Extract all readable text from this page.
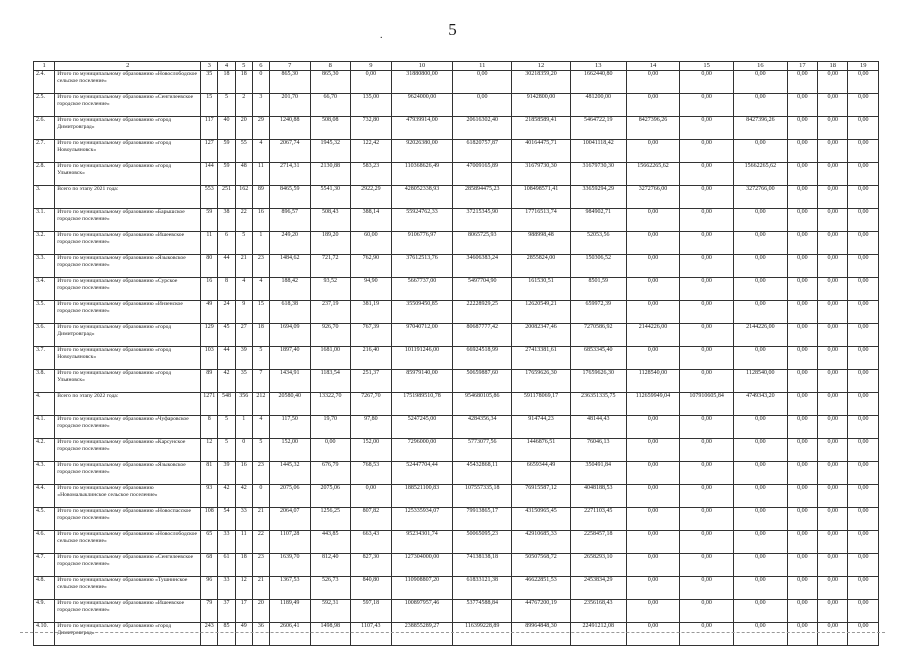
5
.
1	2	3	4	5	6	7	8	9	10	11	12	13	14	15	16	17	18	19
2.4.	Итого по муниципальному образованию «Новослободское сельское поселение»	35	18	18	0	865,30	865,30	0,00	31880800,00	0,00	30218359,20	1662440,80	0,00	0,00	0,00	0,00	0,00	0,00
2.5.	Итого по муниципальному образованию «Сенгилеевское городское поселение»	15	5	2	3	201,70	66,70	135,00	9624000,00	0,00	9142800,00	481200,00	0,00	0,00	0,00	0,00	0,00	0,00
2.6.	Итого по муниципальному образованию «город Димитровград»	117	40	20	29	1240,88	508,08	732,80	47939914,00	20616302,40	21858589,41	5464722,19	8427396,26	0,00	8427396,26	0,00	0,00	0,00
2.7.	Итого по муниципальному образованию «город Новоульяновск»	127	59	55	4	2067,74	1945,32	122,42	92026380,00	61820757,87	40164475,71	10041118,42	0,00	0,00	0,00	0,00	0,00	0,00
2.8.	Итого по муниципальному образованию «город Ульяновск»	144	59	48	11	2714,31	2130,88	583,23	110368626,49	47009165,89	31679730,30	31679730,30	15662265,62	0,00	15662265,62	0,00	0,00	0,00
3.	Всего по этапу 2021 года:	553	251	162	89	8465,59	5541,30	2922,29	428052338,93	285894475,23	108498571,41	33659294,29	3272766,00	0,00	3272766,00	0,00	0,00	0,00
3.1.	Итого по муниципальному образованию «Барышское городское поселение»	59	38	22	16	896,57	508,43	388,14	55924762,33	37215345,90	17716513,74	984902,71	0,00	0,00	0,00	0,00	0,00	0,00
3.2.	Итого по муниципальному образованию «Ишеевское городское поселение»	11	6	5	1	249,20	189,20	60,00	9106776,97	8065725,93	988998,48	52053,56	0,00	0,00	0,00	0,00	0,00	0,00
3.3.	Итого по муниципальному образованию «Языковское городское поселение»	80	44	21	23	1484,62	721,72	762,90	37612513,76	34606383,24	2855824,00	150306,52	0,00	0,00	0,00	0,00	0,00	0,00
3.4.	Итого по муниципальному образованию «Сурское городское поселение»	16	8	4	4	188,42	93,52	94,90	5667737,00	5497704,90	161530,51	8501,59	0,00	0,00	0,00	0,00	0,00	0,00
3.5.	Итого по муниципальному образованию «Инзенское городское поселение»	49	24	9	15	618,38	237,19	381,19	35509450,85	22228929,25	12620549,21	659972,39	0,00	0,00	0,00	0,00	0,00	0,00
3.6.	Итого по муниципальному образованию «город Димитровград»	129	45	27	18	1694,09	926,70	767,39	97040712,00	80687777,42	20082347,46	7270586,92	2144226,00	0,00	2144226,00	0,00	0,00	0,00
3.7.	Итого по муниципальному образованию «город Новоульяновск»	103	44	39	5	1897,40	1681,00	216,40	101191246,00	66924518,99	27413381,61	6853345,40	0,00	0,00	0,00	0,00	0,00	0,00
3.8.	Итого по муниципальному образованию «город Ульяновск»	89	42	35	7	1434,91	1183,54	251,37	85979140,00	50659887,60	17659626,30	17659626,30	1128540,00	0,00	1128540,00	0,00	0,00	0,00
4.	Всего по этапу 2022 года:	1271	548	356	212	20580,40	13322,70	7267,70	1751989510,78	954680105,86	591178069,17	236351335,75	112659949,04	107910605,84	4749343,20	0,00	0,00	0,00
4.1.	Итого по муниципальному образованию «Чуфаровское городское поселение»	8	5	1	4	117,50	19,70	97,80	5247245,00	4284356,34	914744,23	48144,43	0,00	0,00	0,00	0,00	0,00	0,00
4.2.	Итого по муниципальному образованию «Карсунское городское поселение»	12	5	0	5	152,00	0,00	152,00	7296000,00	5773077,56	1446876,51	76046,13	0,00	0,00	0,00	0,00	0,00	0,00
4.3.	Итого по муниципальному образованию «Языковское городское поселение»	81	39	16	23	1445,32	676,79	768,53	52447704,44	45432868,11	6659344,49	350491,84	0,00	0,00	0,00	0,00	0,00	0,00
4.4.	Итого по муниципальному образованию «Новомалыклинское сельское поселение»	93	42	42	0	2075,06	2075,06	0,00	188521100,83	107557335,18	76915587,12	4048188,53	0,00	0,00	0,00	0,00	0,00	0,00
4.5.	Итого по муниципальному образованию «Новоспасское городское поселение»	108	54	33	21	2064,07	1256,25	807,82	125335934,07	79913865,17	43150965,45	2271103,45	0,00	0,00	0,00	0,00	0,00	0,00
4.6.	Итого по муниципальному образованию «Новослободское сельское поселение»	65	33	11	22	1107,28	443,85	663,43	95234301,74	50065095,23	42910685,33	2258457,18	0,00	0,00	0,00	0,00	0,00	0,00
4.7.	Итого по муниципальному образованию «Сенгилеевское городское поселение»	68	61	18	23	1639,70	812,40	827,30	127304000,00	74138138,18	50507568,72	2658293,10	0,00	0,00	0,00	0,00	0,00	0,00
4.8.	Итого по муниципальному образованию «Тушнинское сельское поселение»	96	33	12	21	1367,53	526,73	840,80	110908807,20	61833121,38	46622851,53	2453834,29	0,00	0,00	0,00	0,00	0,00	0,00
4.9.	Итого по муниципальному образованию «Ишеевское городское поселение»	79	37	17	20	1189,49	592,31	597,18	100897957,46	53774588,84	44767200,19	2356168,43	0,00	0,00	0,00	0,00	0,00	0,00
4.10.	Итого по муниципальному образованию «город Димитровград»	243	85	49	36	2606,41	1498,98	1107,43	238855289,27	116399228,89	89964848,30	22491212,08	0,00	0,00	0,00	0,00	0,00	0,00
